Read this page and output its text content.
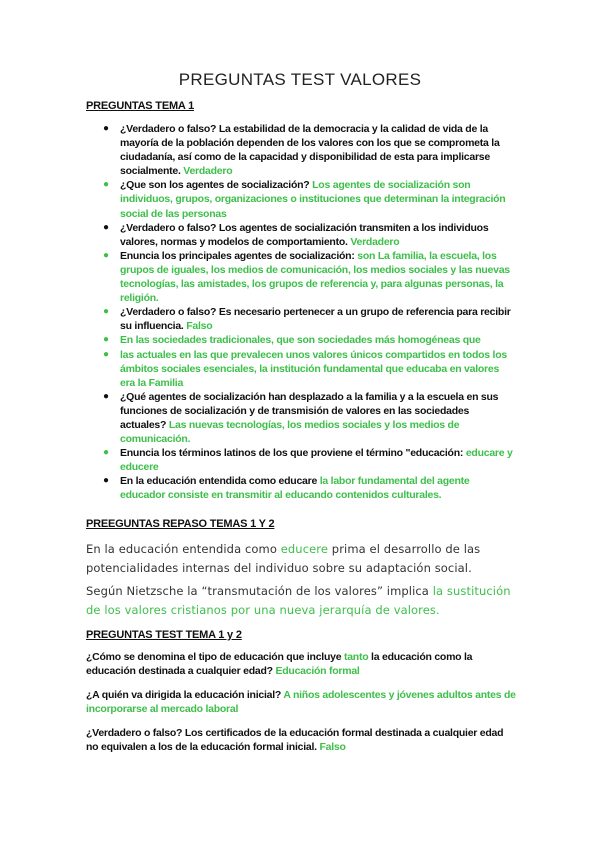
PREGUNTAS TEST VALORES
PREGUNTAS TEMA 1
● ¿Verdadero o falso? La estabilidad de la democracia y la calidad de vida de la mayoría de la población dependen de los valores con los que se comprometa la ciudadanía, así como de la capacidad y disponibilidad de esta para implicarse socialmente. Verdadero
● ¿Que son los agentes de socialización? Los agentes de socialización son individuos, grupos, organizaciones o instituciones que determinan la integración social de las personas
● ¿Verdadero o falso? Los agentes de socialización transmiten a los individuos valores, normas y modelos de comportamiento. Verdadero
● Enuncia los principales agentes de socialización: son La familia, la escuela, los grupos de iguales, los medios de comunicación, los medios sociales y las nuevas tecnologías, las amistades, los grupos de referencia y, para algunas personas, la religión.
● ¿Verdadero o falso? Es necesario pertenecer a un grupo de referencia para recibir su influencia. Falso
● En las sociedades tradicionales, que son sociedades más homogéneas que
● las actuales en las que prevalecen unos valores únicos compartidos en todos los ámbitos sociales esenciales, la institución fundamental que educaba en valores era la Familia
● ¿Qué agentes de socialización han desplazado a la familia y a la escuela en sus funciones de socialización y de transmisión de valores en las sociedades actuales? Las nuevas tecnologías, los medios sociales y los medios de comunicación.
● Enuncia los términos latinos de los que proviene el término "educación: educare y educere
● En la educación entendida como educare la labor fundamental del agente educador consiste en transmitir al educando contenidos culturales.
PREEGUNTAS REPASO TEMAS 1 Y 2
En la educación entendida como educere prima el desarrollo de las potencialidades internas del individuo sobre su adaptación social.
Según Nietzsche la “transmutación de los valores” implica la sustitución de los valores cristianos por una nueva jerarquía de valores.
PREGUNTAS TEST TEMA 1 y 2
¿Cómo se denomina el tipo de educación que incluye tanto la educación como la educación destinada a cualquier edad? Educación formal
¿A quién va dirigida la educación inicial? A niños adolescentes y jóvenes adultos antes de incorporarse al mercado laboral
¿Verdadero o falso? Los certificados de la educación formal destinada a cualquier edad no equivalen a los de la educación formal inicial. Falso
